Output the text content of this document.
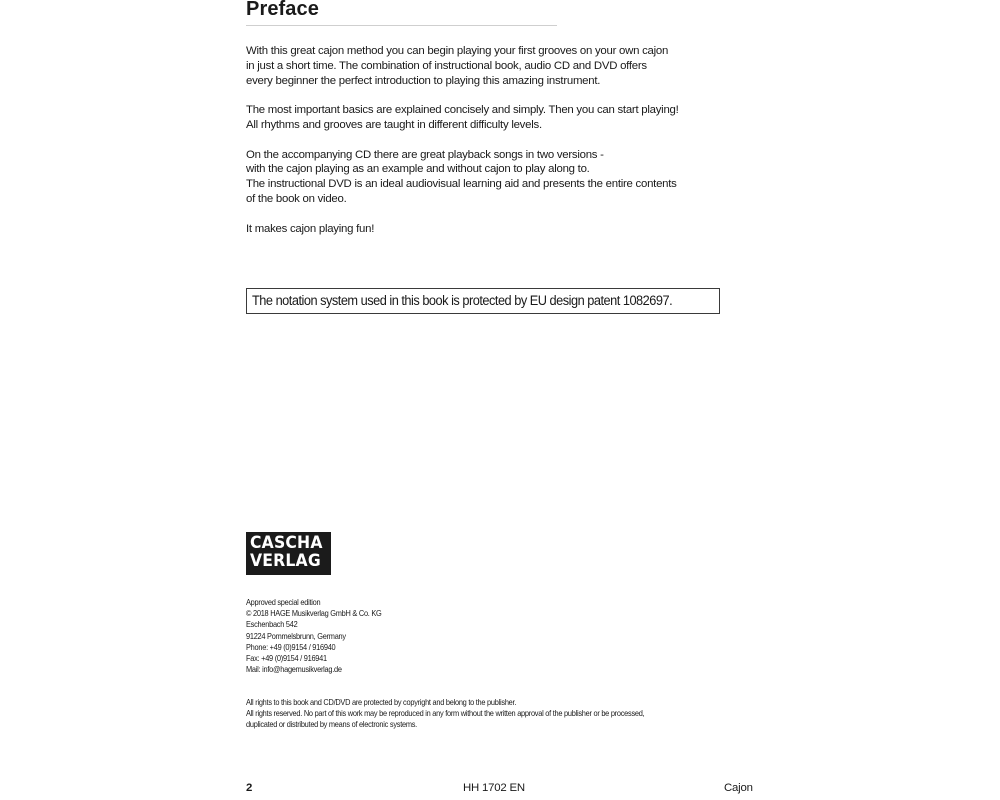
Preface

With this great cajon method you can begin playing your first grooves on your own cajon
in just a short time. The combination of instructional book, audio CD and DVD offers
every beginner the perfect introduction to playing this amazing instrument.

The most important basics are explained concisely and simply. Then you can start playing!
All rhythms and grooves are taught in different difficulty levels.

On the accompanying CD there are great playback songs in two versions -
with the cajon playing as an example and without cajon to play along to.
The instructional DVD is an ideal audiovisual learning aid and presents the entire contents
of the book on video.

It makes cajon playing fun!

The notation system used in this book is protected by EU design patent 1082697.
CASCHA
VERLAG
Approved special edition
© 2018 HAGE Musikverlag GmbH & Co. KG
Eschenbach 542
91224 Pommelsbrunn, Germany
Phone: +49 (0)9154 / 916940
Fax: +49 (0)9154 / 916941
Mail: info@hagemusikverlag.de
All rights to this book and CD/DVD are protected by copyright and belong to the publisher.
All rights reserved. No part of this work may be reproduced in any form without the written approval of the publisher or be processed,
duplicated or distributed by means of electronic systems.
2	HH 1702 EN	Cajon
